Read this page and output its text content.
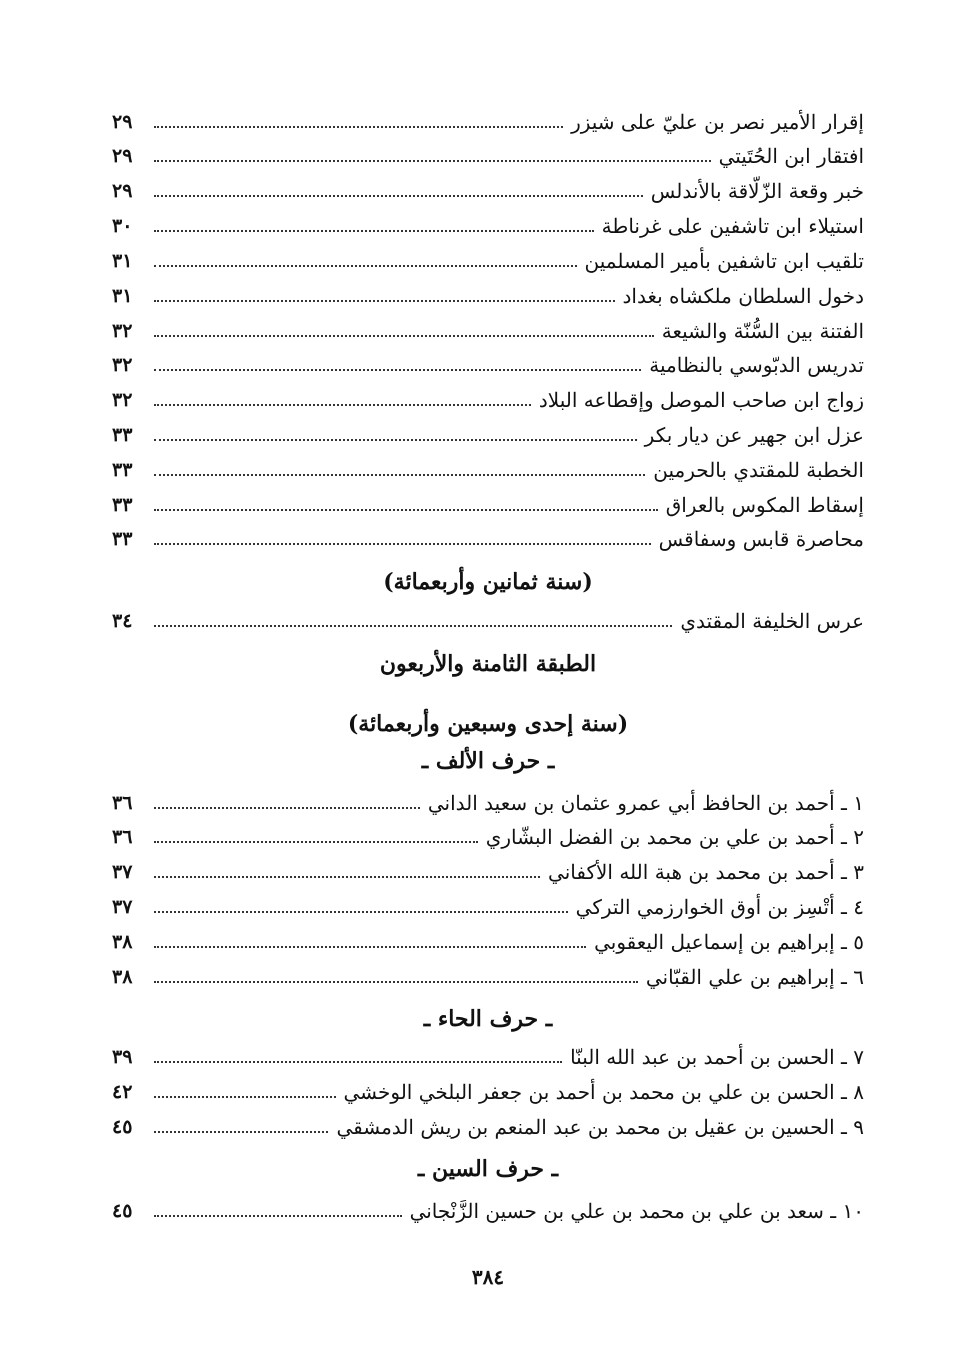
إقرار الأمير نصر بن عليّ على شيزر
٢٩
افتقار ابن الحُتَيتي
٢٩
خبر وقعة الزّلّاقة بالأندلس
٢٩
استيلاء ابن تاشفين على غرناطة
٣٠
تلقيب ابن تاشفين بأمير المسلمين
٣١
دخول السلطان ملكشاه بغداد
٣١
الفتنة بين السُّنّة والشيعة
٣٢
تدريس الدبّوسي بالنظامية
٣٢
زواج ابن صاحب الموصل وإقطاعه البلاد
٣٢
عزل ابن جهير عن ديار بكر
٣٣
الخطبة للمقتدي بالحرمين
٣٣
إسقاط المكوس بالعراق
٣٣
محاصرة قابس وسفاقس
٣٣
(سنة ثمانين وأربعمائة)
عرس الخليفة المقتدي
٣٤
الطبقة الثامنة والأربعون
(سنة إحدى وسبعين وأربعمائة)
ـ حرف الألف ـ
١ ـ أحمد بن الحافظ أبي عمرو عثمان بن سعيد الداني
٣٦
٢ ـ أحمد بن علي بن محمد بن الفضل البشّاري
٣٦
٣ ـ أحمد بن محمد بن هبة الله الأكفاني
٣٧
٤ ـ أتْسِز بن أوق الخوارزمي التركي
٣٧
٥ ـ إبراهيم بن إسماعيل اليعقوبي
٣٨
٦ ـ إبراهيم بن علي القبّاني
٣٨
ـ حرف الحاء ـ
٧ ـ الحسن بن أحمد بن عبد الله البنّا
٣٩
٨ ـ الحسن بن علي بن محمد بن أحمد بن جعفر البلخي الوخشي
٤٢
٩ ـ الحسين بن عقيل بن محمد بن عبد المنعم بن ريش الدمشقي
٤٥
ـ حرف السين ـ
١٠ ـ سعد بن علي بن محمد بن علي بن حسين الزَّنْجاني
٤٥
٣٨٤
